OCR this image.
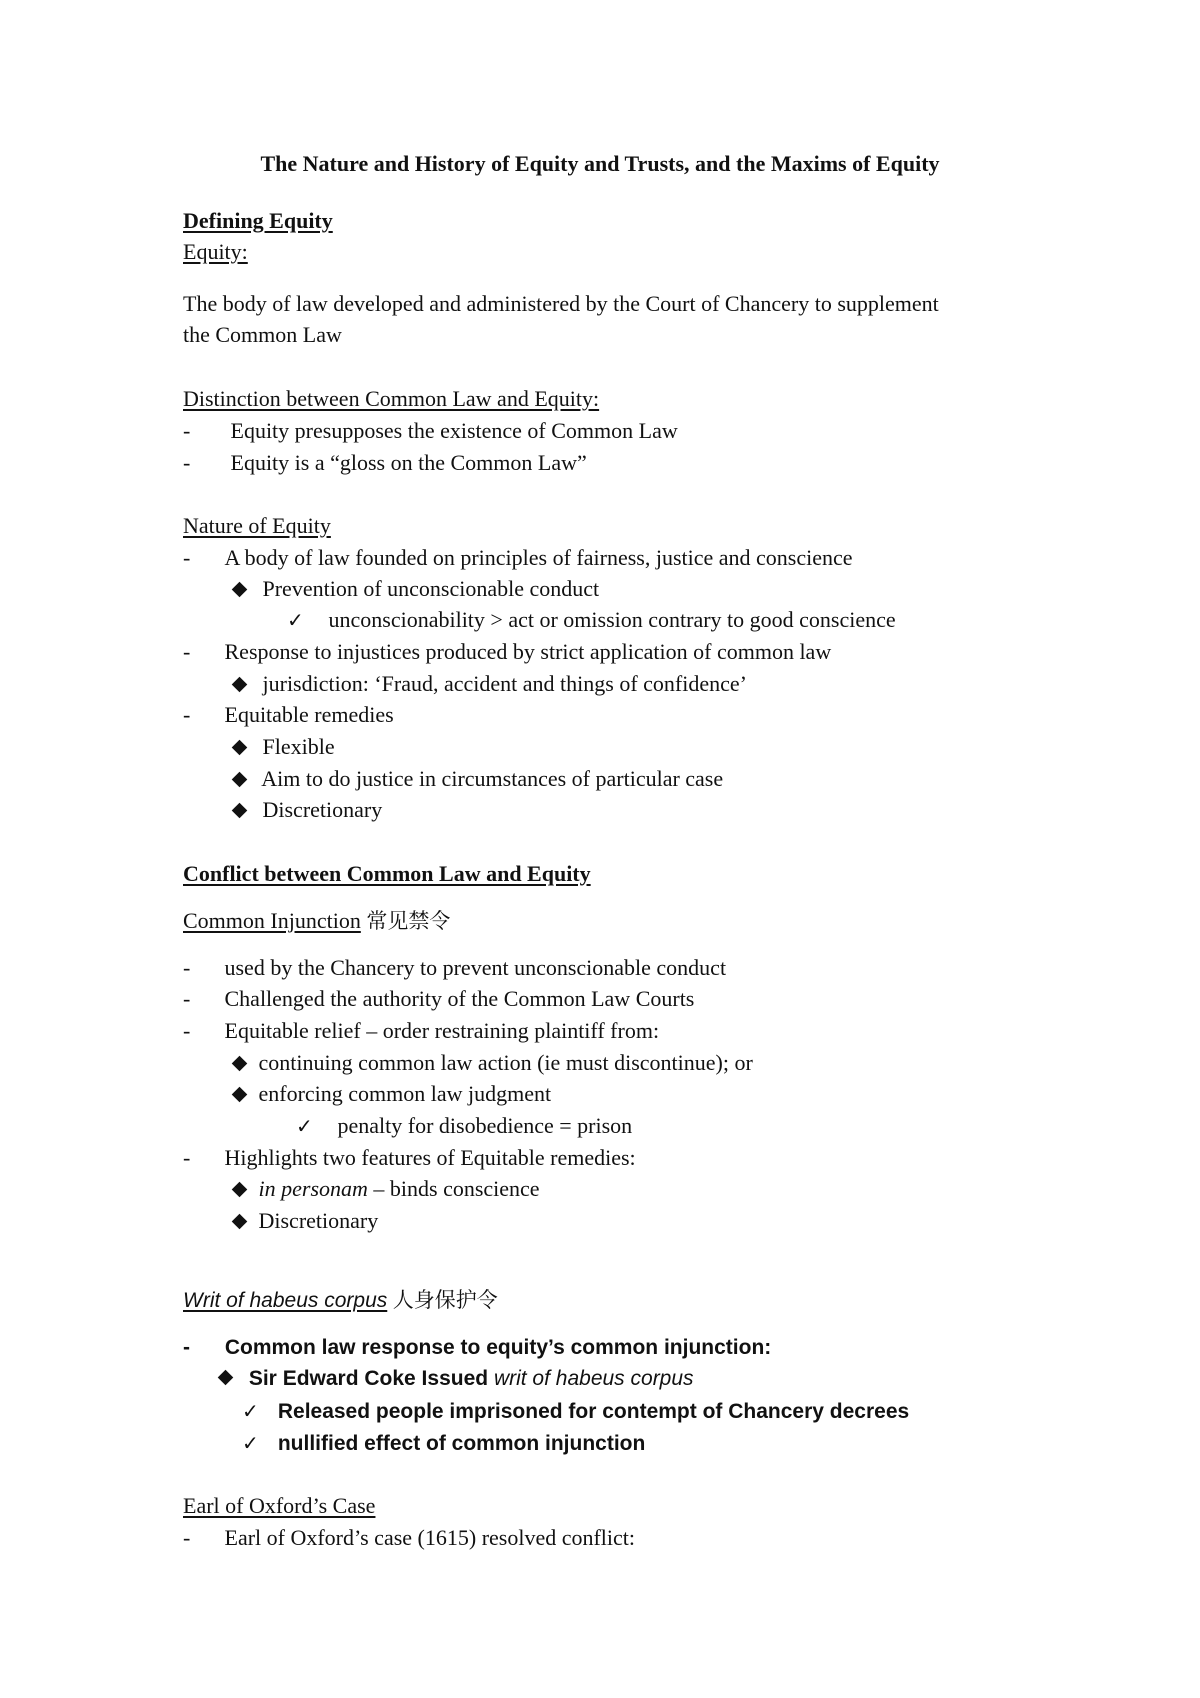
The Nature and History of Equity and Trusts, and the Maxims of Equity
Defining Equity
Equity:
The body of law developed and administered by the Court of Chancery to supplement
the Common Law
Distinction between Common Law and Equity:
- Equity presupposes the existence of Common Law
- Equity is a “gloss on the Common Law”
Nature of Equity
- A body of law founded on principles of fairness, justice and conscience
Prevention of unconscionable conduct
✓ unconscionability > act or omission contrary to good conscience
- Response to injustices produced by strict application of common law
jurisdiction: ‘Fraud, accident and things of confidence’
- Equitable remedies
Flexible
Aim to do justice in circumstances of particular case
Discretionary
Conflict between Common Law and Equity
Common Injunction 常见禁令
- used by the Chancery to prevent unconscionable conduct
- Challenged the authority of the Common Law Courts
- Equitable relief – order restraining plaintiff from:
continuing common law action (ie must discontinue); or
enforcing common law judgment
✓ penalty for disobedience = prison
- Highlights two features of Equitable remedies:
in personam – binds conscience
Discretionary
Writ of habeus corpus 人身保护令
- Common law response to equity’s common injunction:
Sir Edward Coke Issued writ of habeus corpus
✓ Released people imprisoned for contempt of Chancery decrees
✓ nullified effect of common injunction
Earl of Oxford’s Case
- Earl of Oxford’s case (1615) resolved conflict:
